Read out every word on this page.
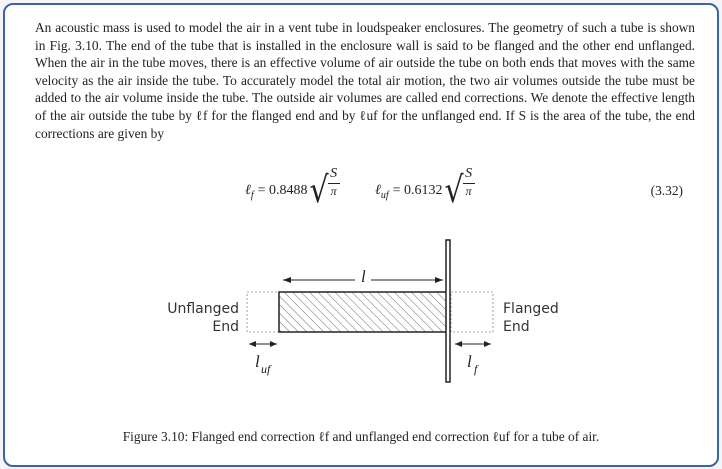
An acoustic mass is used to model the air in a vent tube in loudspeaker enclosures. The geometry of such a tube is shown in Fig. 3.10. The end of the tube that is installed in the enclosure wall is said to be flanged and the other end unflanged. When the air in the tube moves, there is an effective volume of air outside the tube on both ends that moves with the same velocity as the air inside the tube. To accurately model the total air motion, the two air volumes outside the tube must be added to the air volume inside the tube. The outside air volumes are called end corrections. We denote the effective length of the air outside the tube by ℓf for the flanged end and by ℓuf for the unflanged end. If S is the area of the tube, the end corrections are given by

ℓ f = 0.8488 √ S
π	ℓ uf = 0.6132 √ S
π	(3.32)
l
Unflanged
End
Flanged
End
l uf	l f
Figure 3.10: Flanged end correction ℓf and unflanged end correction ℓuf for a tube of air.
